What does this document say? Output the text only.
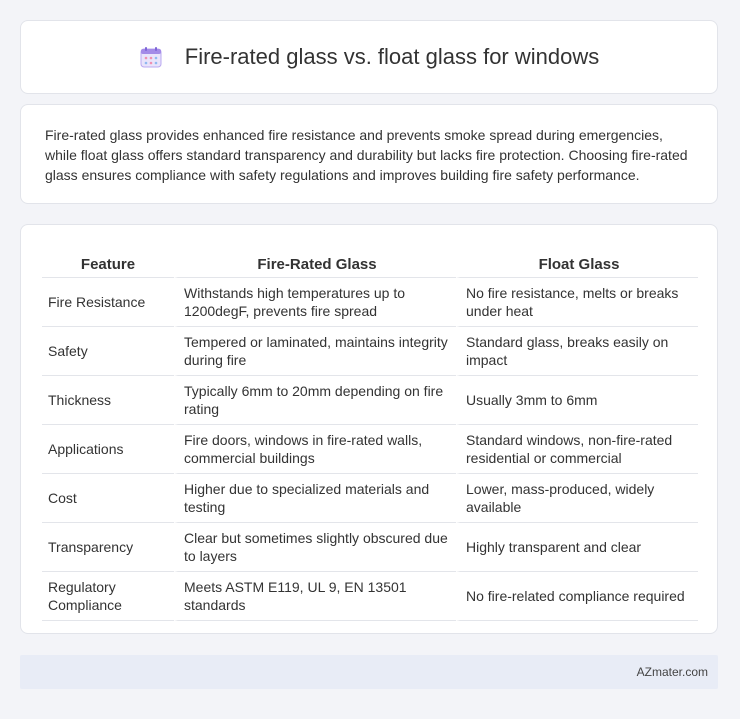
Fire-rated glass vs. float glass for windows
Fire-rated glass provides enhanced fire resistance and prevents smoke spread during emergencies, while float glass offers standard transparency and durability but lacks fire protection. Choosing fire-rated glass ensures compliance with safety regulations and improves building fire safety performance.
Feature	Fire-Rated Glass	Float Glass
Fire Resistance	Withstands high temperatures up to 1200degF, prevents fire spread	No fire resistance, melts or breaks under heat
Safety	Tempered or laminated, maintains integrity during fire	Standard glass, breaks easily on impact
Thickness	Typically 6mm to 20mm depending on fire rating	Usually 3mm to 6mm
Applications	Fire doors, windows in fire-rated walls, commercial buildings	Standard windows, non-fire-rated residential or commercial
Cost	Higher due to specialized materials and testing	Lower, mass-produced, widely available
Transparency	Clear but sometimes slightly obscured due to layers	Highly transparent and clear
Regulatory Compliance	Meets ASTM E119, UL 9, EN 13501 standards	No fire-related compliance required
AZmater.com
